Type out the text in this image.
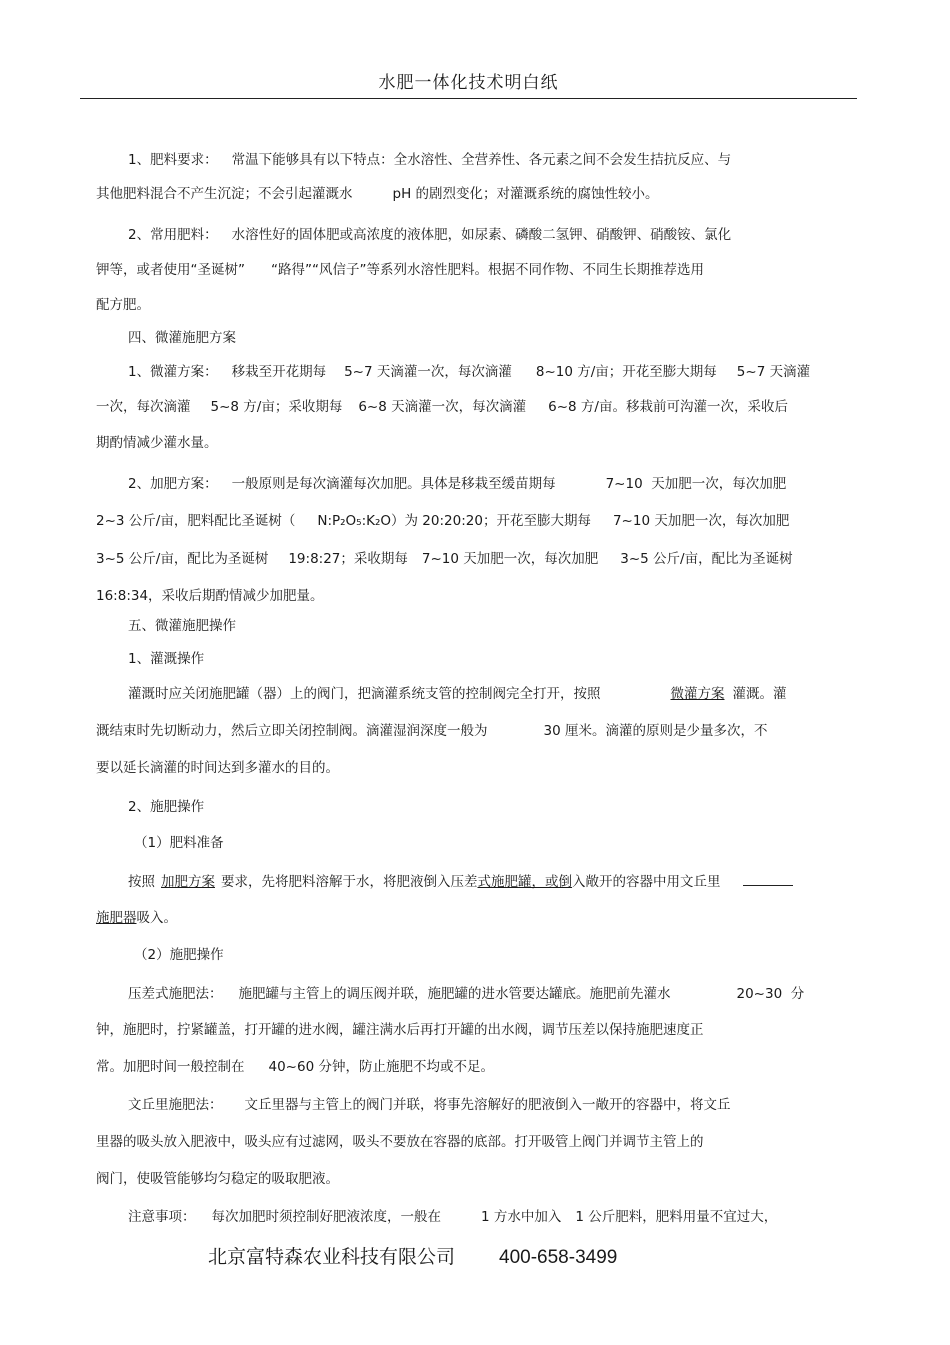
水肥一体化技术明白纸
1、肥料要求： 常温下能够具有以下特点：全水溶性、全营养性、各元素之间不会发生拮抗反应、与
其他肥料混合不产生沉淀；不会引起灌溉水	pH 的剧烈变化；对灌溉系统的腐蚀性较小。
2、常用肥料： 水溶性好的固体肥或高浓度的液体肥，如尿素、磷酸二氢钾、硝酸钾、硝酸铵、氯化
钾等，或者使用“圣诞树” “路得”“风信子”等系列水溶性肥料。根据不同作物、不同生长期推荐选用
配方肥。
四、微灌施肥方案
1、微灌方案： 移栽至开花期每 5~7 天滴灌一次，每次滴灌 8~10 方/亩；开花至膨大期每 5~7 天滴灌
一次，每次滴灌 5~8 方/亩；采收期每 6~8 天滴灌一次，每次滴灌 6~8 方/亩。移栽前可沟灌一次，采收后
期酌情减少灌水量。
2、加肥方案： 一般原则是每次滴灌每次加肥。具体是移栽至缓苗期每	7~10  天加肥一次，每次加肥
2~3 公斤/亩，肥料配比圣诞树（ N:P₂O₅:K₂O）为 20:20:20；开花至膨大期每 7~10 天加肥一次，每次加肥
3~5 公斤/亩，配比为圣诞树 19:8:27；采收期每 7~10 天加肥一次，每次加肥 3~5 公斤/亩，配比为圣诞树
16:8:34，采收后期酌情减少加肥量。
五、微灌施肥操作
1、灌溉操作
灌溉时应关闭施肥罐（器）上的阀门，把滴灌系统支管的控制阀完全打开，按照	微灌方案 灌溉。灌
溉结束时先切断动力，然后立即关闭控制阀。滴灌湿润深度一般为	30 厘米。滴灌的原则是少量多次，不
要以延长滴灌的时间达到多灌水的目的。
2、施肥操作
（1）肥料准备
按照 加肥方案 要求，先将肥料溶解于水，将肥液倒入压差式施肥罐，或倒入敞开的容器中用文丘里
施肥器吸入。
（2）施肥操作
压差式施肥法： 施肥罐与主管上的调压阀并联，施肥罐的进水管要达罐底。施肥前先灌水	20~30  分
钟，施肥时，拧紧罐盖，打开罐的进水阀，罐注满水后再打开罐的出水阀，调节压差以保持施肥速度正
常。加肥时间一般控制在 40~60 分钟，防止施肥不均或不足。
文丘里施肥法： 文丘里器与主管上的阀门并联，将事先溶解好的肥液倒入一敞开的容器中，将文丘
里器的吸头放入肥液中，吸头应有过滤网，吸头不要放在容器的底部。打开吸管上阀门并调节主管上的
阀门，使吸管能够均匀稳定的吸取肥液。
注意事项： 每次加肥时须控制好肥液浓度，一般在	1 方水中加入 1 公斤肥料，肥料用量不宜过大，
北京富特森农业科技有限公司 400-658-3499
